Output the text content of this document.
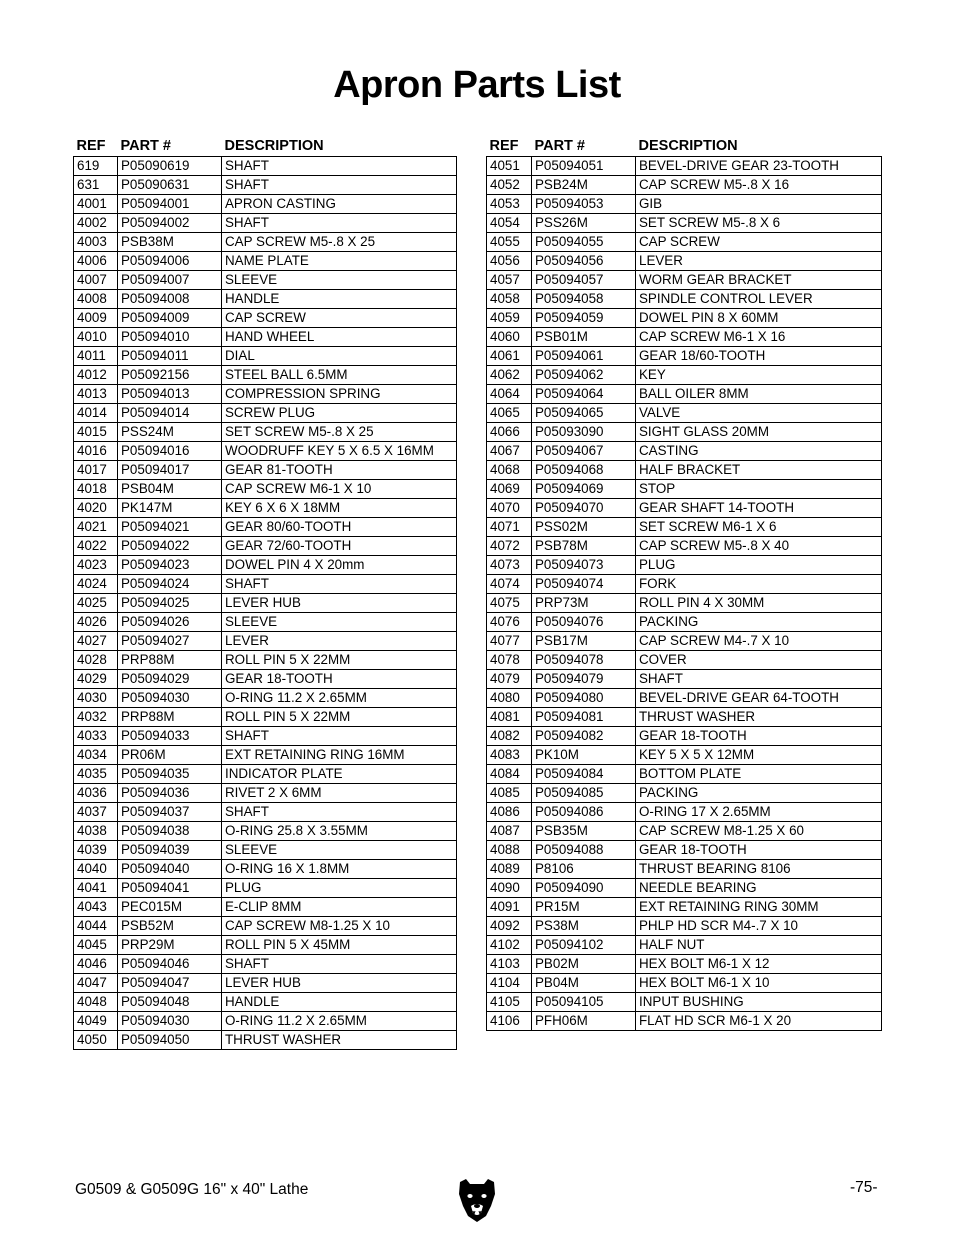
Apron Parts List
REF	PART #	DESCRIPTION
619	P05090619	SHAFT
631	P05090631	SHAFT
4001	P05094001	APRON CASTING
4002	P05094002	SHAFT
4003	PSB38M	CAP SCREW M5-.8 X 25
4006	P05094006	NAME PLATE
4007	P05094007	SLEEVE
4008	P05094008	HANDLE
4009	P05094009	CAP SCREW
4010	P05094010	HAND WHEEL
4011	P05094011	DIAL
4012	P05092156	STEEL BALL 6.5MM
4013	P05094013	COMPRESSION SPRING
4014	P05094014	SCREW PLUG
4015	PSS24M	SET SCREW M5-.8 X 25
4016	P05094016	WOODRUFF KEY 5 X 6.5 X 16MM
4017	P05094017	GEAR 81-TOOTH
4018	PSB04M	CAP SCREW M6-1 X 10
4020	PK147M	KEY 6 X 6 X 18MM
4021	P05094021	GEAR 80/60-TOOTH
4022	P05094022	GEAR 72/60-TOOTH
4023	P05094023	DOWEL PIN 4 X 20mm
4024	P05094024	SHAFT
4025	P05094025	LEVER HUB
4026	P05094026	SLEEVE
4027	P05094027	LEVER
4028	PRP88M	ROLL PIN 5 X 22MM
4029	P05094029	GEAR 18-TOOTH
4030	P05094030	O-RING 11.2 X 2.65MM
4032	PRP88M	ROLL PIN 5 X 22MM
4033	P05094033	SHAFT
4034	PR06M	EXT RETAINING RING 16MM
4035	P05094035	INDICATOR PLATE
4036	P05094036	RIVET 2 X 6MM
4037	P05094037	SHAFT
4038	P05094038	O-RING 25.8 X 3.55MM
4039	P05094039	SLEEVE
4040	P05094040	O-RING 16 X 1.8MM
4041	P05094041	PLUG
4043	PEC015M	E-CLIP 8MM
4044	PSB52M	CAP SCREW M8-1.25 X 10
4045	PRP29M	ROLL PIN 5 X 45MM
4046	P05094046	SHAFT
4047	P05094047	LEVER HUB
4048	P05094048	HANDLE
4049	P05094030	O-RING 11.2 X 2.65MM
4050	P05094050	THRUST WASHER
REF	PART #	DESCRIPTION
4051	P05094051	BEVEL-DRIVE GEAR 23-TOOTH
4052	PSB24M	CAP SCREW M5-.8 X 16
4053	P05094053	GIB
4054	PSS26M	SET SCREW M5-.8 X 6
4055	P05094055	CAP SCREW
4056	P05094056	LEVER
4057	P05094057	WORM GEAR BRACKET
4058	P05094058	SPINDLE CONTROL LEVER
4059	P05094059	DOWEL PIN 8 X 60MM
4060	PSB01M	CAP SCREW M6-1 X 16
4061	P05094061	GEAR 18/60-TOOTH
4062	P05094062	KEY
4064	P05094064	BALL OILER 8MM
4065	P05094065	VALVE
4066	P05093090	SIGHT GLASS 20MM
4067	P05094067	CASTING
4068	P05094068	HALF BRACKET
4069	P05094069	STOP
4070	P05094070	GEAR SHAFT 14-TOOTH
4071	PSS02M	SET SCREW M6-1 X 6
4072	PSB78M	CAP SCREW M5-.8 X 40
4073	P05094073	PLUG
4074	P05094074	FORK
4075	PRP73M	ROLL PIN 4 X 30MM
4076	P05094076	PACKING
4077	PSB17M	CAP SCREW M4-.7 X 10
4078	P05094078	COVER
4079	P05094079	SHAFT
4080	P05094080	BEVEL-DRIVE GEAR 64-TOOTH
4081	P05094081	THRUST WASHER
4082	P05094082	GEAR 18-TOOTH
4083	PK10M	KEY 5 X 5 X 12MM
4084	P05094084	BOTTOM PLATE
4085	P05094085	PACKING
4086	P05094086	O-RING 17 X 2.65MM
4087	PSB35M	CAP SCREW M8-1.25 X 60
4088	P05094088	GEAR 18-TOOTH
4089	P8106	THRUST BEARING 8106
4090	P05094090	NEEDLE BEARING
4091	PR15M	EXT RETAINING RING 30MM
4092	PS38M	PHLP HD SCR M4-.7 X 10
4102	P05094102	HALF NUT
4103	PB02M	HEX BOLT M6-1 X 12
4104	PB04M	HEX BOLT M6-1 X 10
4105	P05094105	INPUT BUSHING
4106	PFH06M	FLAT HD SCR M6-1 X 20
G0509 & G0509G 16" x 40" Lathe	-75-
